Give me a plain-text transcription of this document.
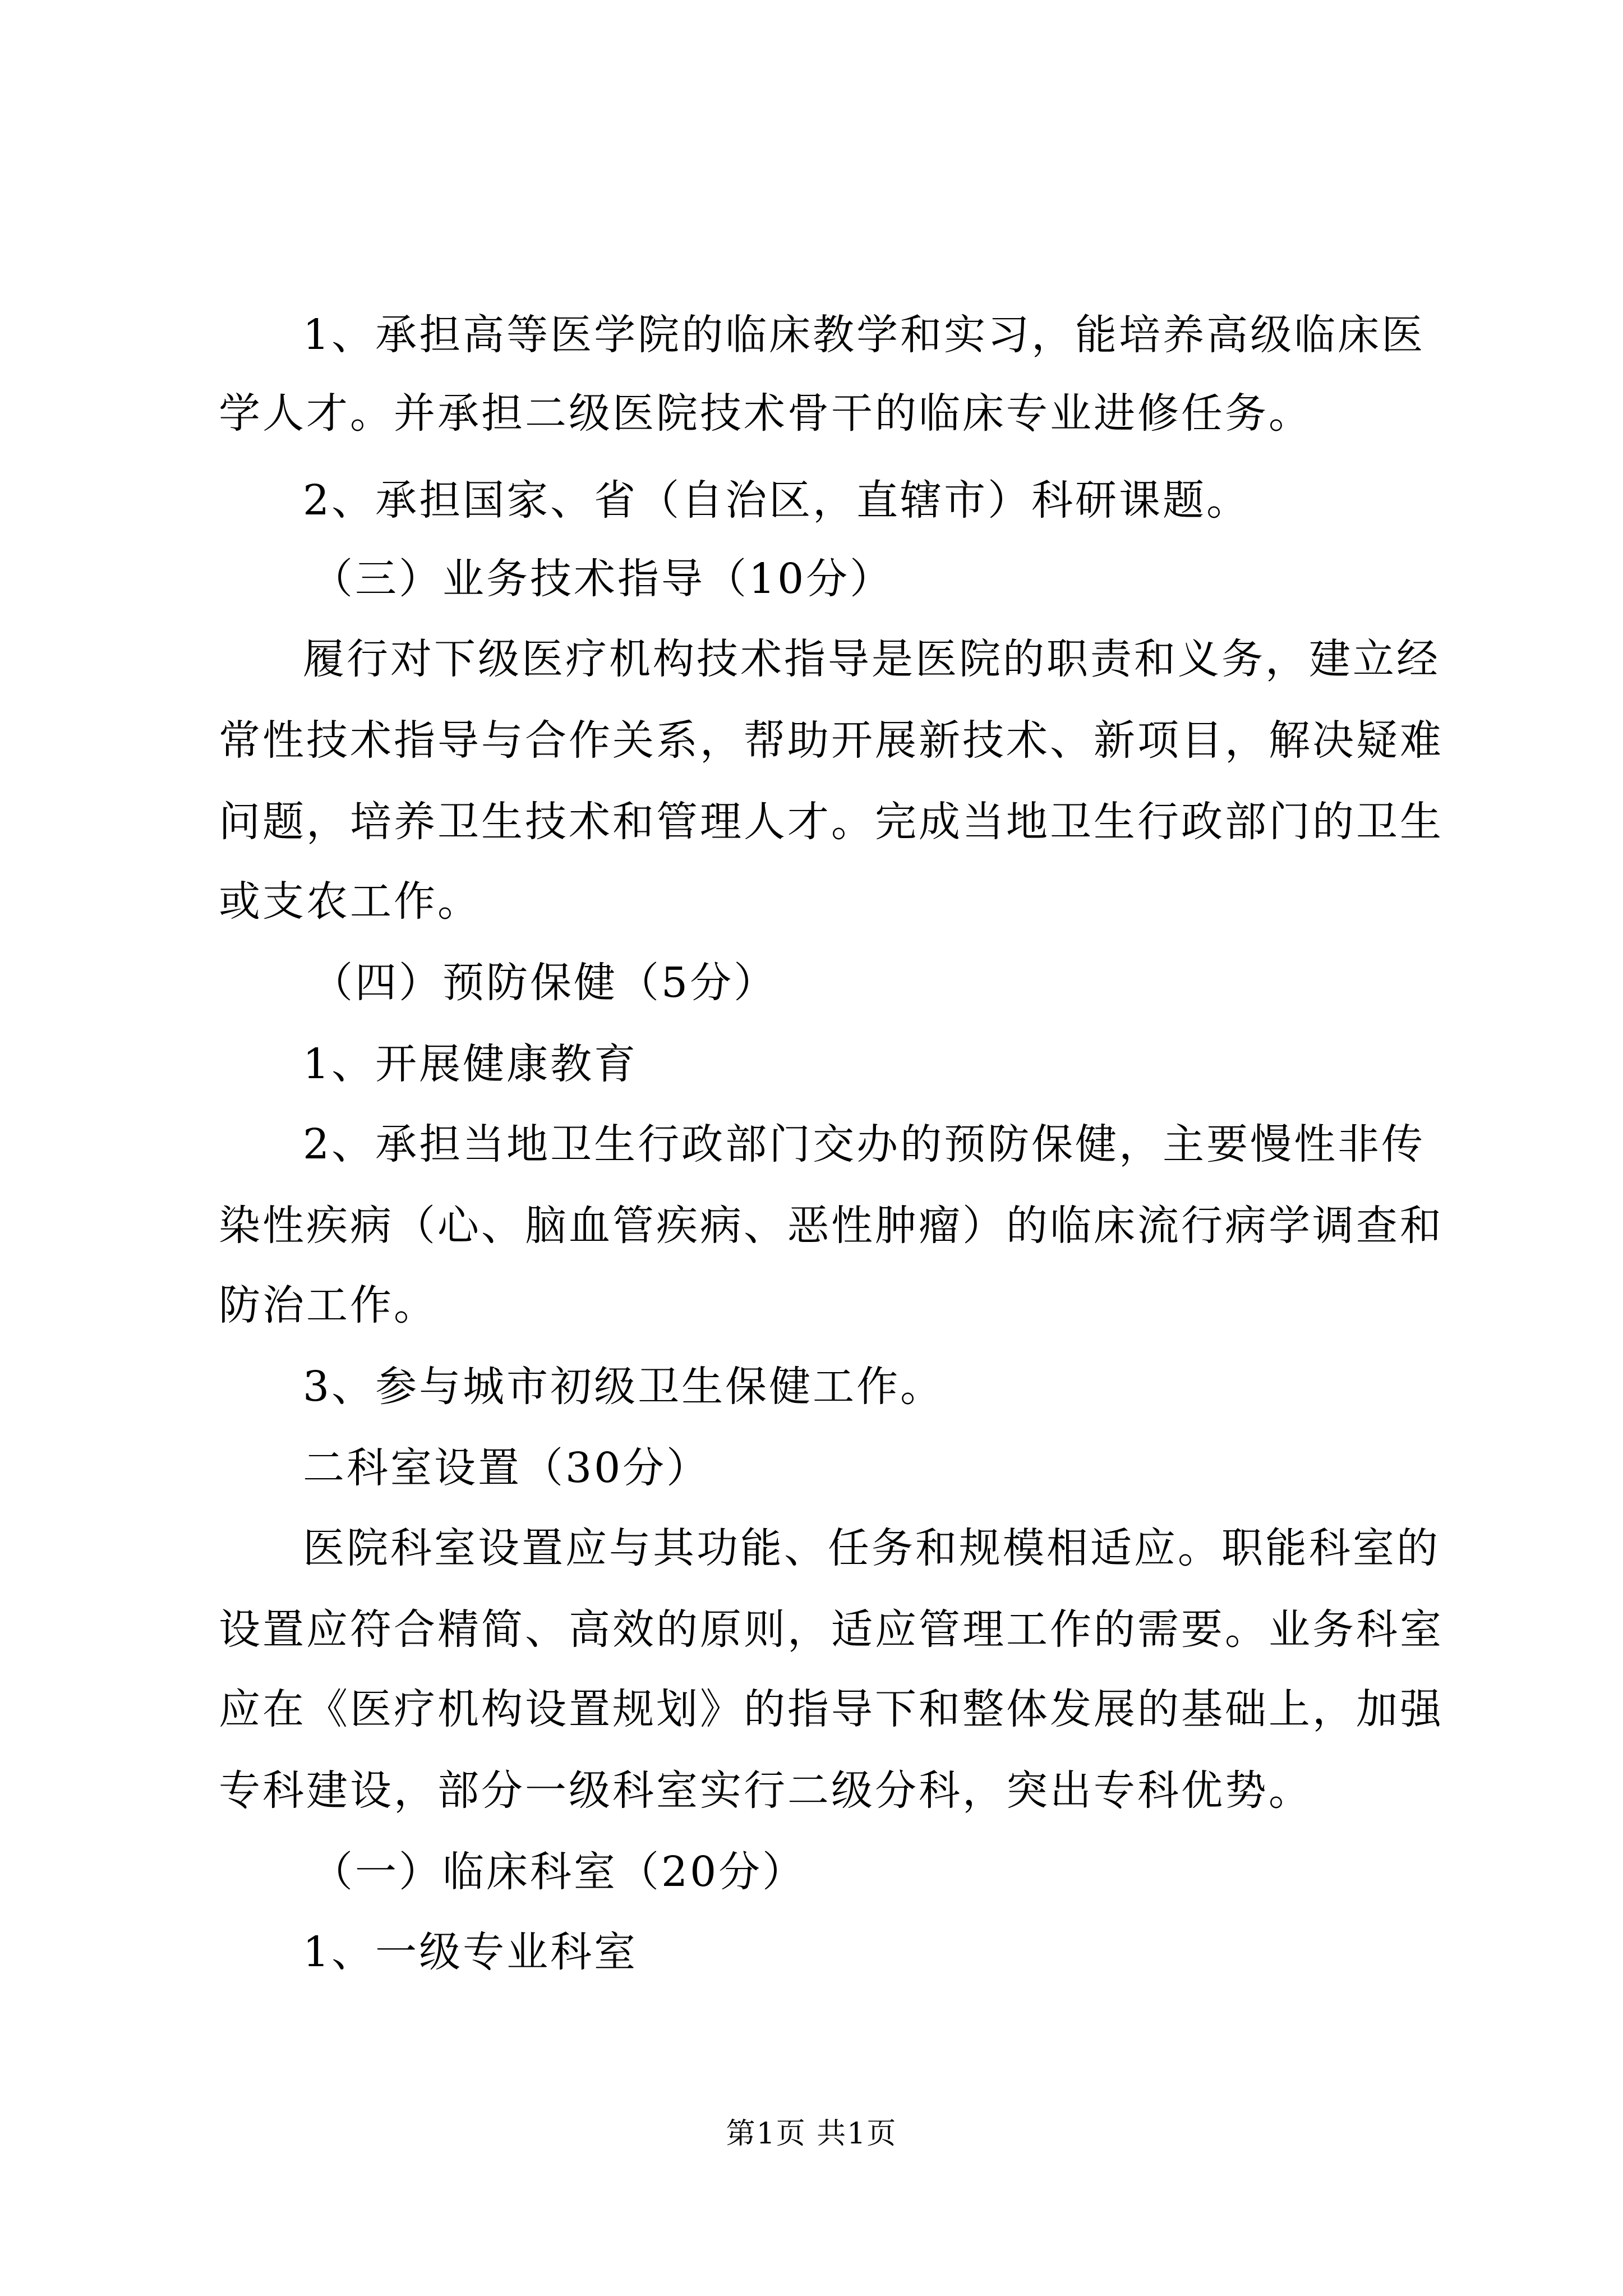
1、承担高等医学院的临床教学和实习，能培养高级临床医
学人才。并承担二级医院技术骨干的临床专业进修任务。
2、承担国家、省（自治区，直辖市）科研课题。
（三）业务技术指导（10分）
履行对下级医疗机构技术指导是医院的职责和义务，建立经
常性技术指导与合作关系，帮助开展新技术、新项目，解决疑难
问题，培养卫生技术和管理人才。完成当地卫生行政部门的卫生
或支农工作。
（四）预防保健（5分）
1、开展健康教育
2、承担当地卫生行政部门交办的预防保健，主要慢性非传
染性疾病（心、脑血管疾病、恶性肿瘤）的临床流行病学调查和
防治工作。
3、参与城市初级卫生保健工作。
二科室设置（30分）
医院科室设置应与其功能、任务和规模相适应。职能科室的
设置应符合精简、高效的原则，适应管理工作的需要。业务科室
应在《医疗机构设置规划》的指导下和整体发展的基础上，加强
专科建设，部分一级科室实行二级分科，突出专科优势。
（一）临床科室（20分）
1、一级专业科室
第1页 共1页
